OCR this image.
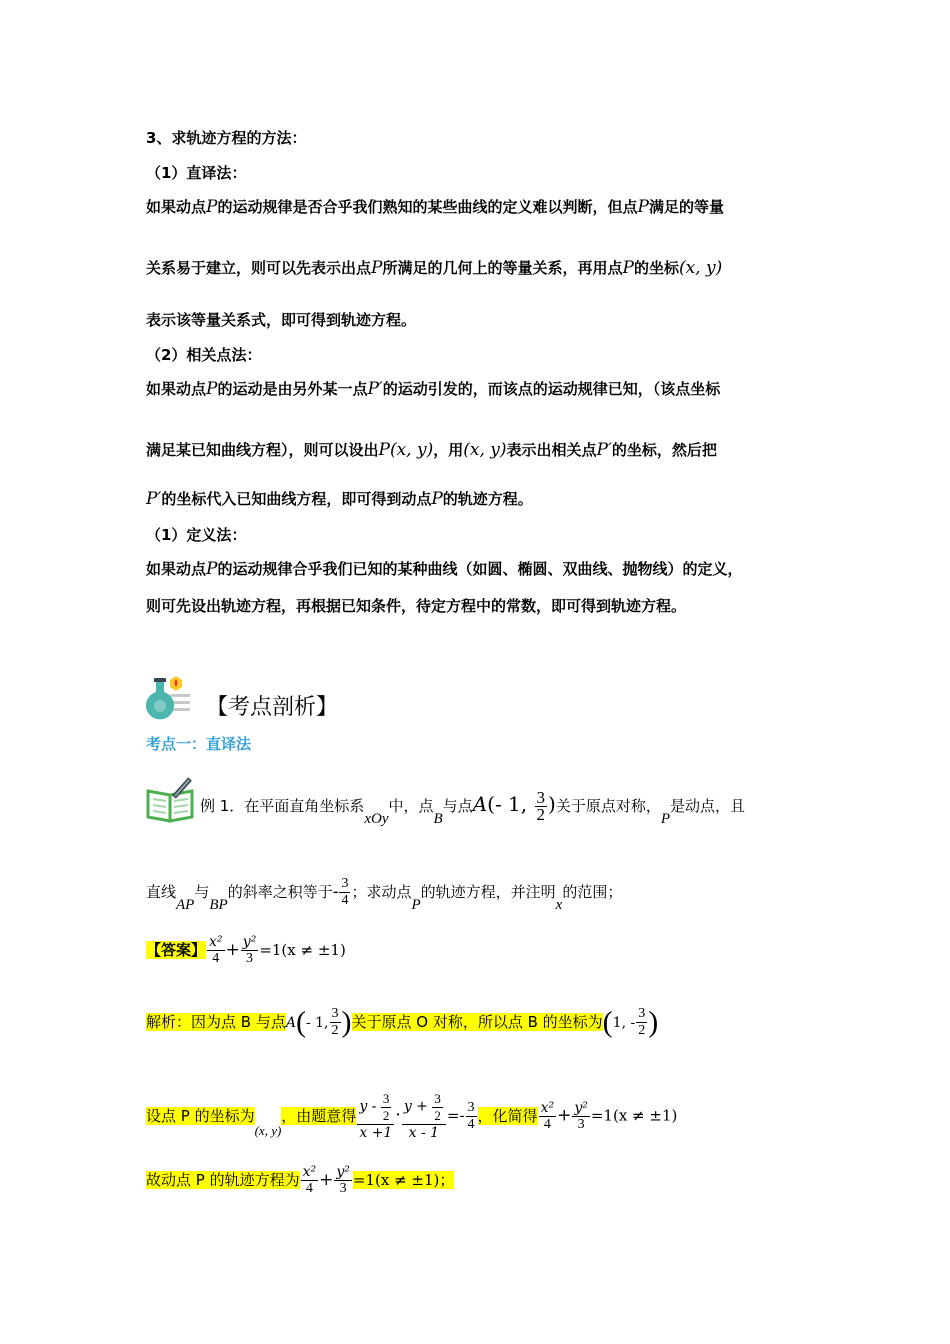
3、求轨迹方程的方法：
（1）直译法：
如果动点P的运动规律是否合乎我们熟知的某些曲线的定义难以判断，但点P满足的等量
关系易于建立，则可以先表示出点P所满足的几何上的等量关系，再用点P的坐标(x, y)
表示该等量关系式，即可得到轨迹方程。
（2）相关点法：
如果动点P的运动是由另外某一点P′的运动引发的，而该点的运动规律已知，（该点坐标
满足某已知曲线方程），则可以设出P(x, y)，用(x, y)表示出相关点P′的坐标，然后把
P′的坐标代入已知曲线方程，即可得到动点P的轨迹方程。
（1）定义法：
如果动点P的运动规律合乎我们已知的某种曲线（如圆、椭圆、双曲线、抛物线）的定义，
则可先设出轨迹方程，再根据已知条件，待定方程中的常数，即可得到轨迹方程。
【考点剖析】
考点一：直译法
例 1．在平面直角坐标系xOy中，点B与点A(- 1, $\frac{3}{2}$ )关于原点对称，P是动点，且
直线AP与BP的斜率之积等于- $\frac{3}{4}$ ；求动点P的轨迹方程，并注明x的范围；
【答案】 $\frac{\text{x²}}{4} + \frac{\text{y²}}{3} =1(x \ne \pm 1)$
解析：因为点 B 与点A(- 1, $\frac{3}{2}$ )关于原点 O 对称，所以点 B 的坐标为(1, - $\frac{3}{2}$ )
设点 P 的坐标为(x, y)，由题意得 $\frac{y - \frac{3}{2}}{x +1} \cdot \frac{y + \frac{3}{2}}{x - 1} =- \frac{3}{4}$ ，化简得 $\frac{\text{x²}}{4} + \frac{\text{y²}}{3} =1(x \ne \pm 1)$
故动点 P 的轨迹方程为 $\frac{\text{x²}}{4} + \frac{\text{y²}}{3} =1(x \ne \pm 1)$；
